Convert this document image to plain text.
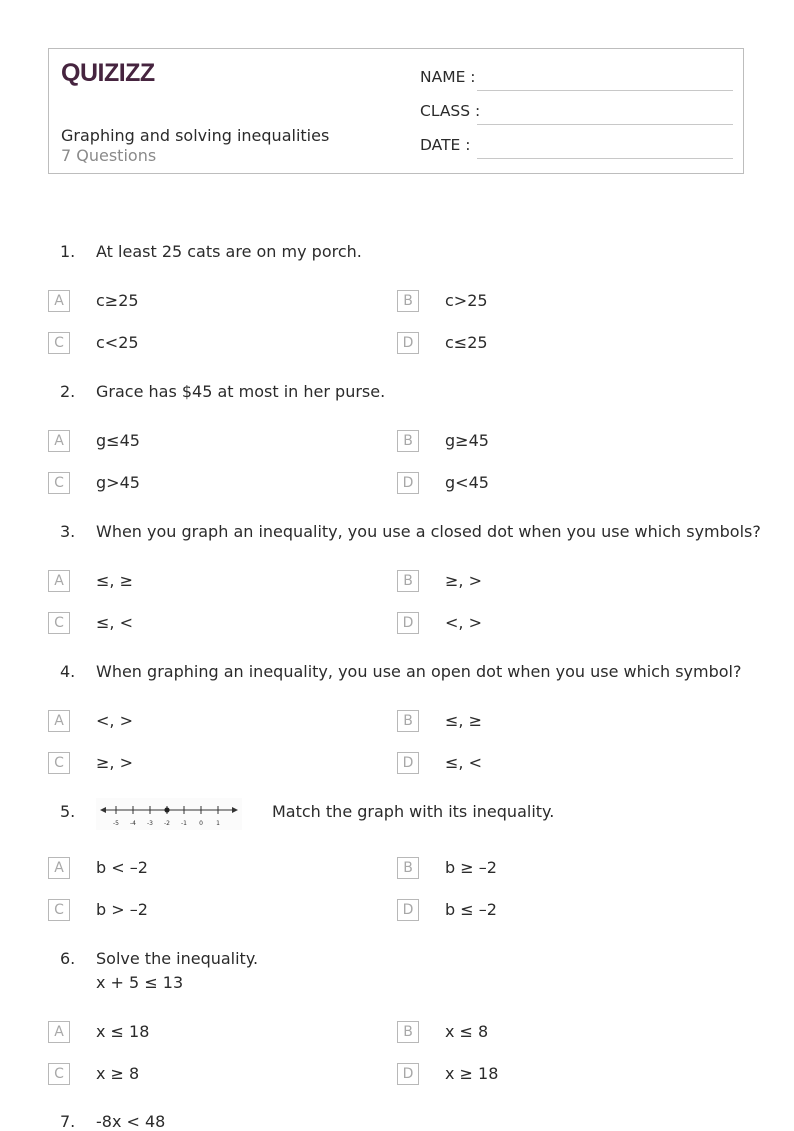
QUIZIZZ
Graphing and solving inequalities
7 Questions
NAME :
CLASS :
DATE :
1. At least 25 cats are on my porch.
A	c≥25	B	c>25
C	c<25	D	c≤25
2. Grace has $45 at most in her purse.
A	g≤45	B	g≥45
C	g>45	D	g<45
3. When you graph an inequality, you use a closed dot when you use which symbols?
A	≤, ≥	B	≥, >
C	≤, <	D	<, >
4. When graphing an inequality, you use an open dot when you use which symbol?
A	<, >	B	≤, ≥
C	≥, >	D	≤, <
5.
-5 -4 -3 -2 -1 0 1
Match the graph with its inequality.
A	b < –2	B	b ≥ –2
C	b > –2	D	b ≤ –2
6. Solve the inequality.
x + 5 ≤ 13
A	x ≤ 18	B	x ≤ 8
C	x ≥ 8	D	x ≥ 18
7. -8x < 48
